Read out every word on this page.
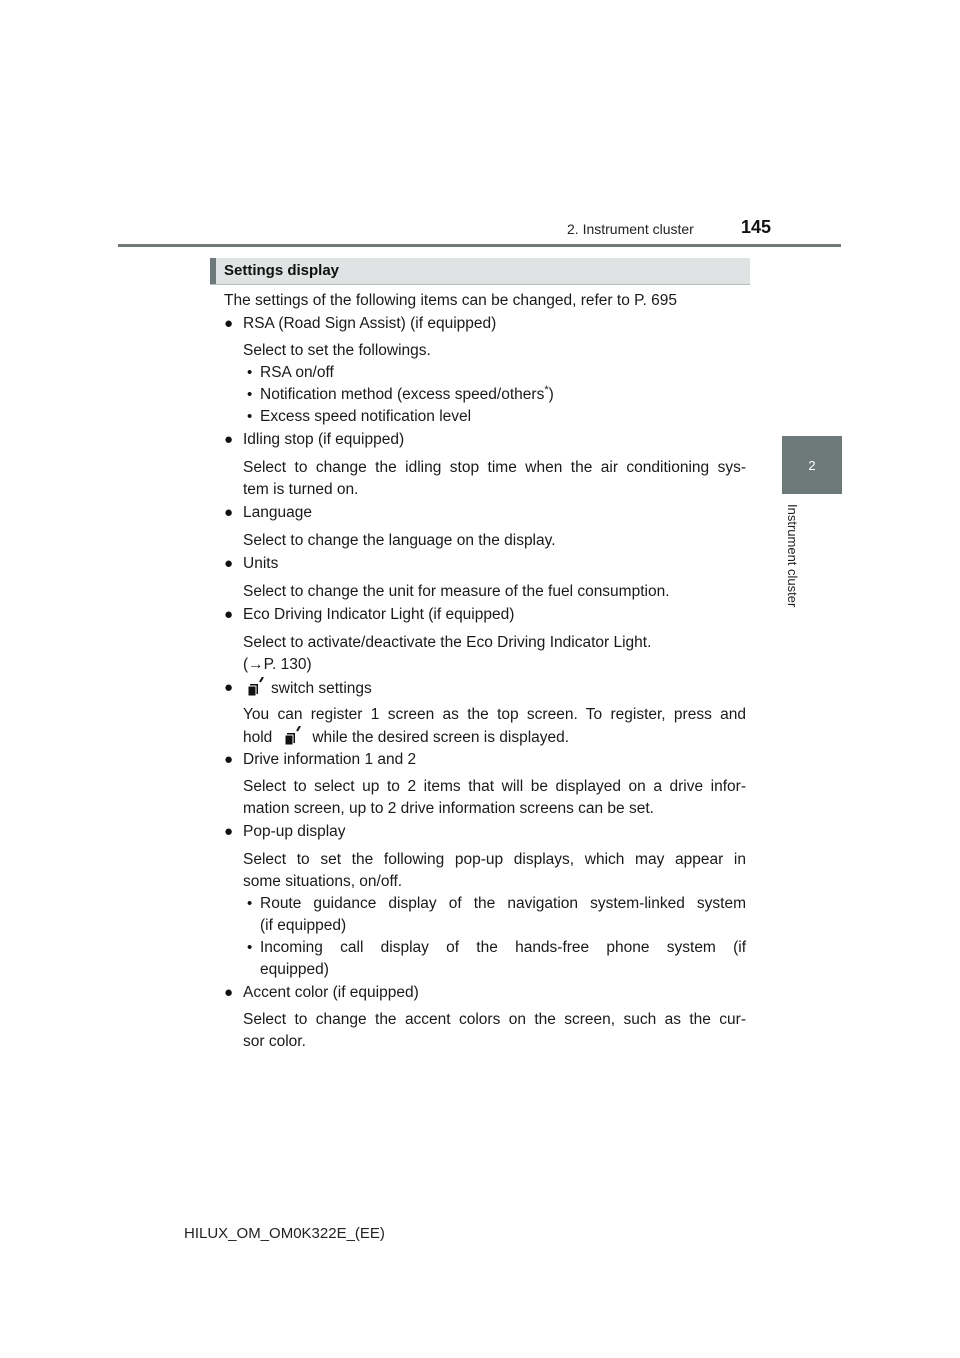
2. Instrument cluster	145
2
Instrument cluster
Settings display
The settings of the following items can be changed, refer to P. 695
● RSA (Road Sign Assist) (if equipped)
Select to set the followings.
• RSA on/off
• Notification method (excess speed/others*)
• Excess speed notification level
● Idling stop (if equipped)
Select to change the idling stop time when the air conditioning sys-
tem is turned on.
● Language
Select to change the language on the display.
● Units
Select to change the unit for measure of the fuel consumption.
● Eco Driving Indicator Light (if equipped)
Select to activate/deactivate the Eco Driving Indicator Light.
(→P. 130)
●	switch settings
You can register 1 screen as the top screen. To register, press and
hold	while the desired screen is displayed.
● Drive information 1 and 2
Select to select up to 2 items that will be displayed on a drive infor-
mation screen, up to 2 drive information screens can be set.
● Pop-up display
Select to set the following pop-up displays, which may appear in
some situations, on/off.
• Route guidance display of the navigation system-linked system
(if equipped)
• Incoming call display of the hands-free phone system (if
equipped)
● Accent color (if equipped)
Select to change the accent colors on the screen, such as the cur-
sor color.
HILUX_OM_OM0K322E_(EE)
